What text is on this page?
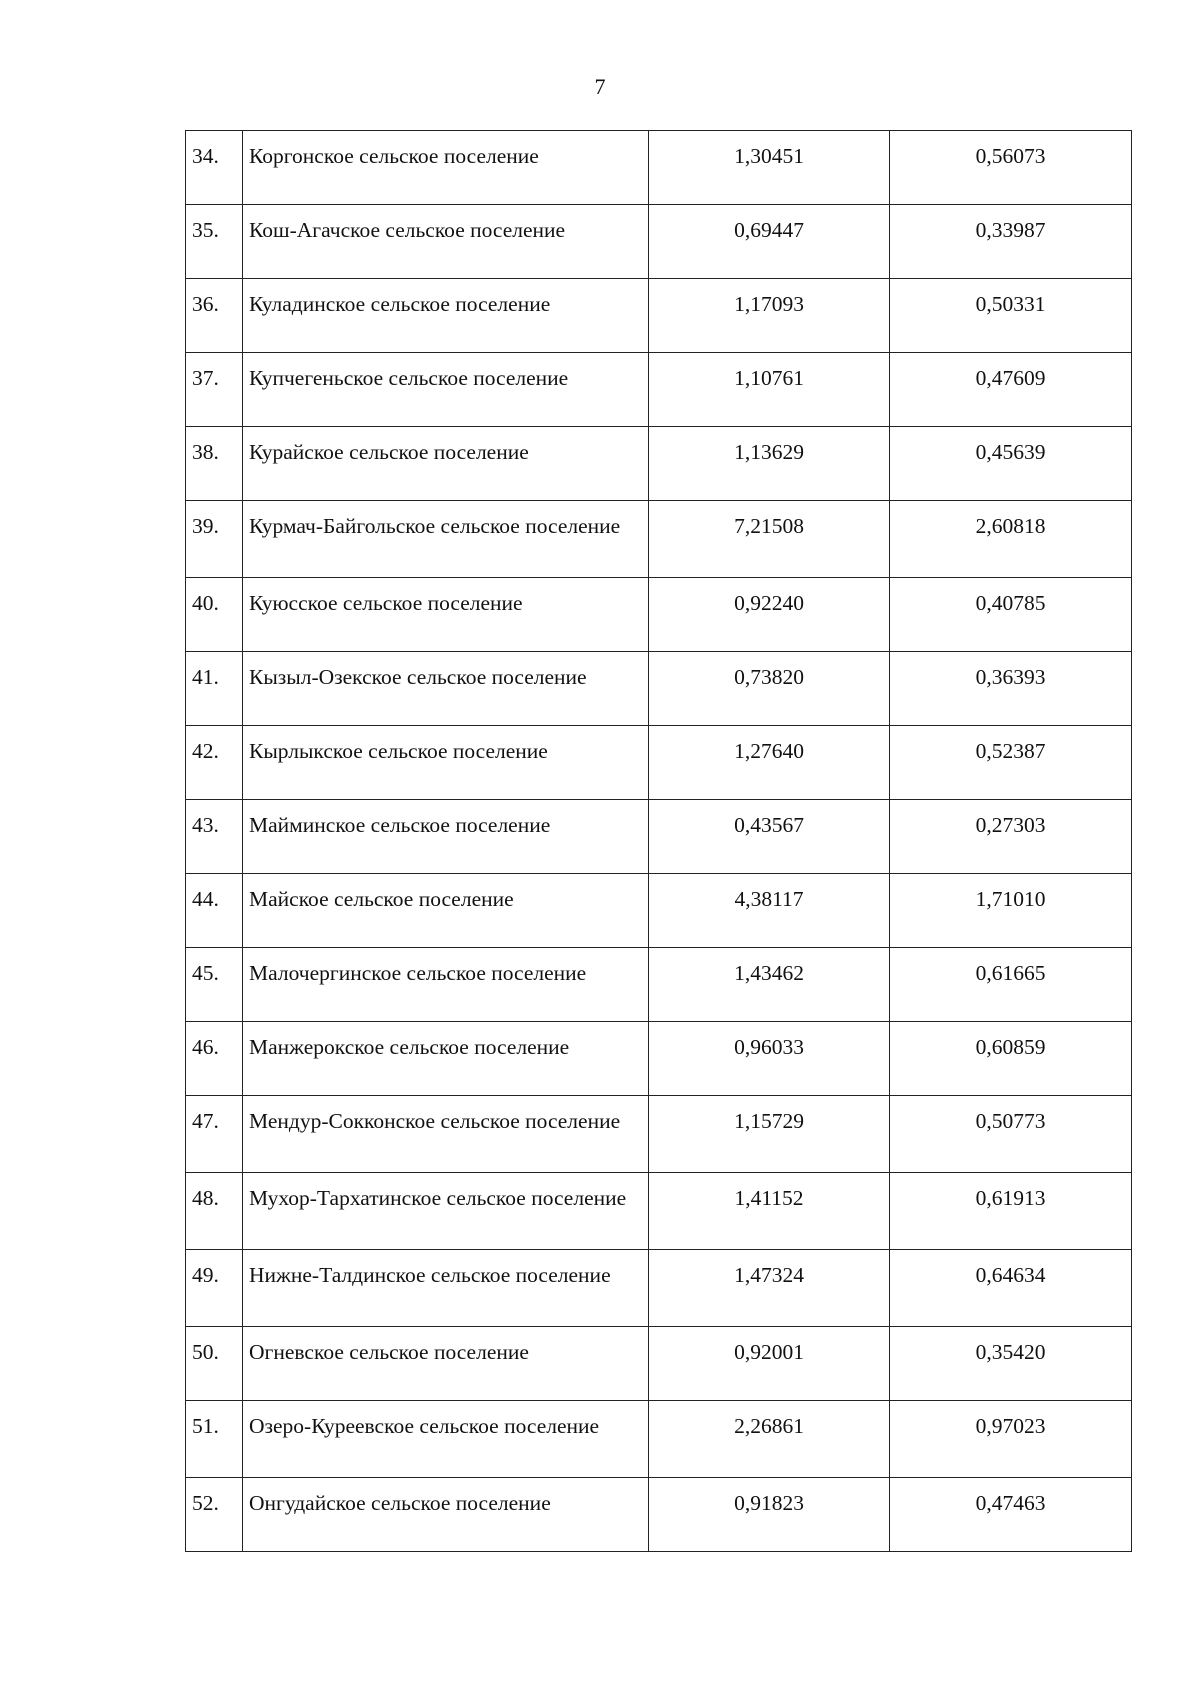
7
34.	Коргонское сельское поселение	1,30451	0,56073
35.	Кош-Агачское сельское поселение	0,69447	0,33987
36.	Куладинское сельское поселение	1,17093	0,50331
37.	Купчегеньское сельское поселение	1,10761	0,47609
38.	Курайское сельское поселение	1,13629	0,45639
39.	Курмач-Байгольское сельское поселение	7,21508	2,60818
40.	Куюсское сельское поселение	0,92240	0,40785
41.	Кызыл-Озекское сельское поселение	0,73820	0,36393
42.	Кырлыкское сельское поселение	1,27640	0,52387
43.	Майминское сельское поселение	0,43567	0,27303
44.	Майское сельское поселение	4,38117	1,71010
45.	Малочергинское сельское поселение	1,43462	0,61665
46.	Манжерокское сельское поселение	0,96033	0,60859
47.	Мендур-Сокконское сельское поселение	1,15729	0,50773
48.	Мухор-Тархатинское сельское поселение	1,41152	0,61913
49.	Нижне-Талдинское сельское поселение	1,47324	0,64634
50.	Огневское сельское поселение	0,92001	0,35420
51.	Озеро-Куреевское сельское поселение	2,26861	0,97023
52.	Онгудайское сельское поселение	0,91823	0,47463
